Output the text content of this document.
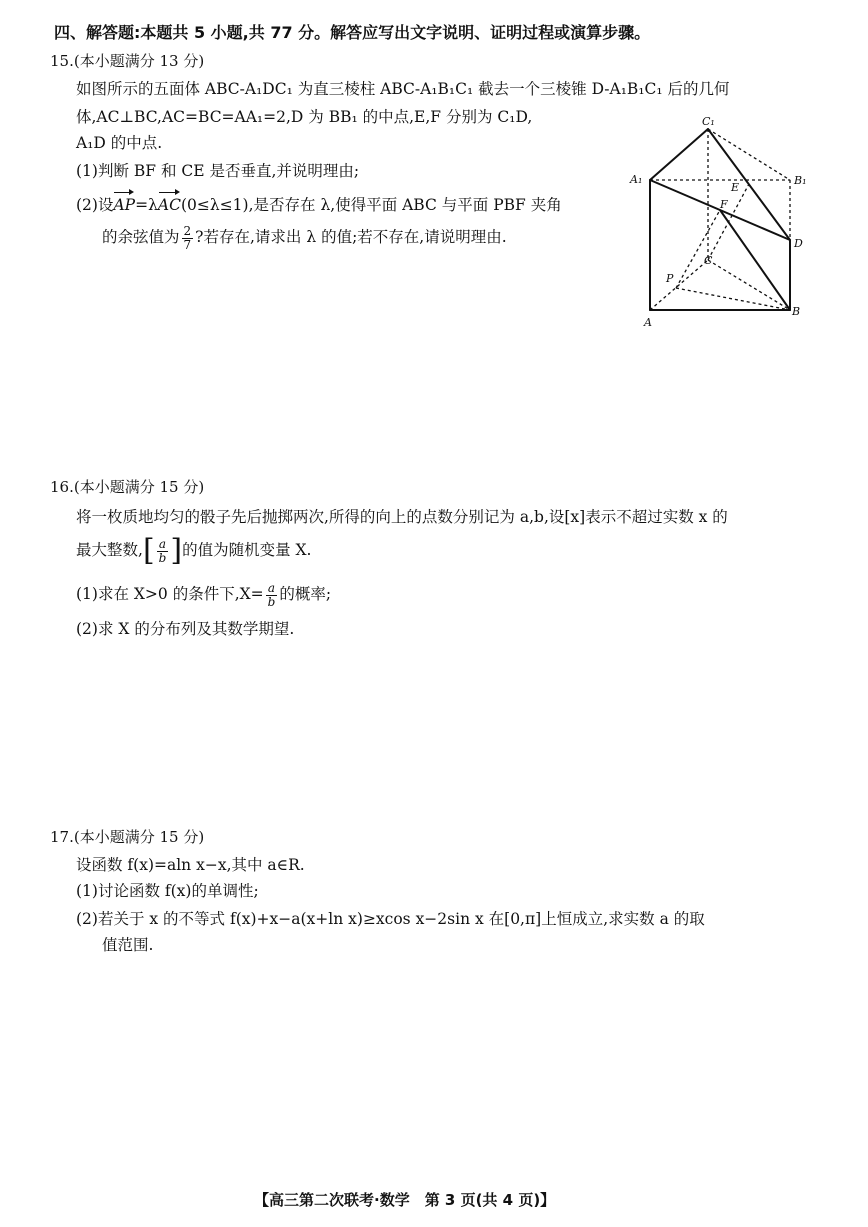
四、解答题:本题共 5 小题,共 77 分。解答应写出文字说明、证明过程或演算步骤。
15.(本小题满分 13 分)
如图所示的五面体 ABC-A₁DC₁ 为直三棱柱 ABC-A₁B₁C₁ 截去一个三棱锥 D-A₁B₁C₁ 后的几何
体,AC⊥BC,AC=BC=AA₁=2,D 为 BB₁ 的中点,E,F 分别为 C₁D,
A₁D 的中点.
(1)判断 BF 和 CE 是否垂直,并说明理由;
(2)设AP=λAC(0≤λ≤1),是否存在 λ,使得平面 ABC 与平面 PBF 夹角
的余弦值为 $\frac{2}{7}$ ?若存在,请求出 λ 的值;若不存在,请说明理由.
C₁
A₁	B₁
E
F
D
C
P
A
B
16.(本小题满分 15 分)
将一枚质地均匀的骰子先后抛掷两次,所得的向上的点数分别记为 a,b,设[x]表示不超过实数 x 的
最大整数,[ $\frac{a}{b}$ ]的值为随机变量 X.
(1)求在 X>0 的条件下$,X= \frac{a}{b}$ 的概率;
(2)求 X 的分布列及其数学期望.
17.(本小题满分 15 分)
设函数 f(x)=aln x−x,其中 a∈R.
(1)讨论函数 f(x)的单调性;
(2)若关于 x 的不等式 f(x)+x−a(x+ln x)≥xcos x−2sin x 在[0,π]上恒成立,求实数 a 的取
值范围.
【高三第二次联考·数学　第 3 页(共 4 页)】
